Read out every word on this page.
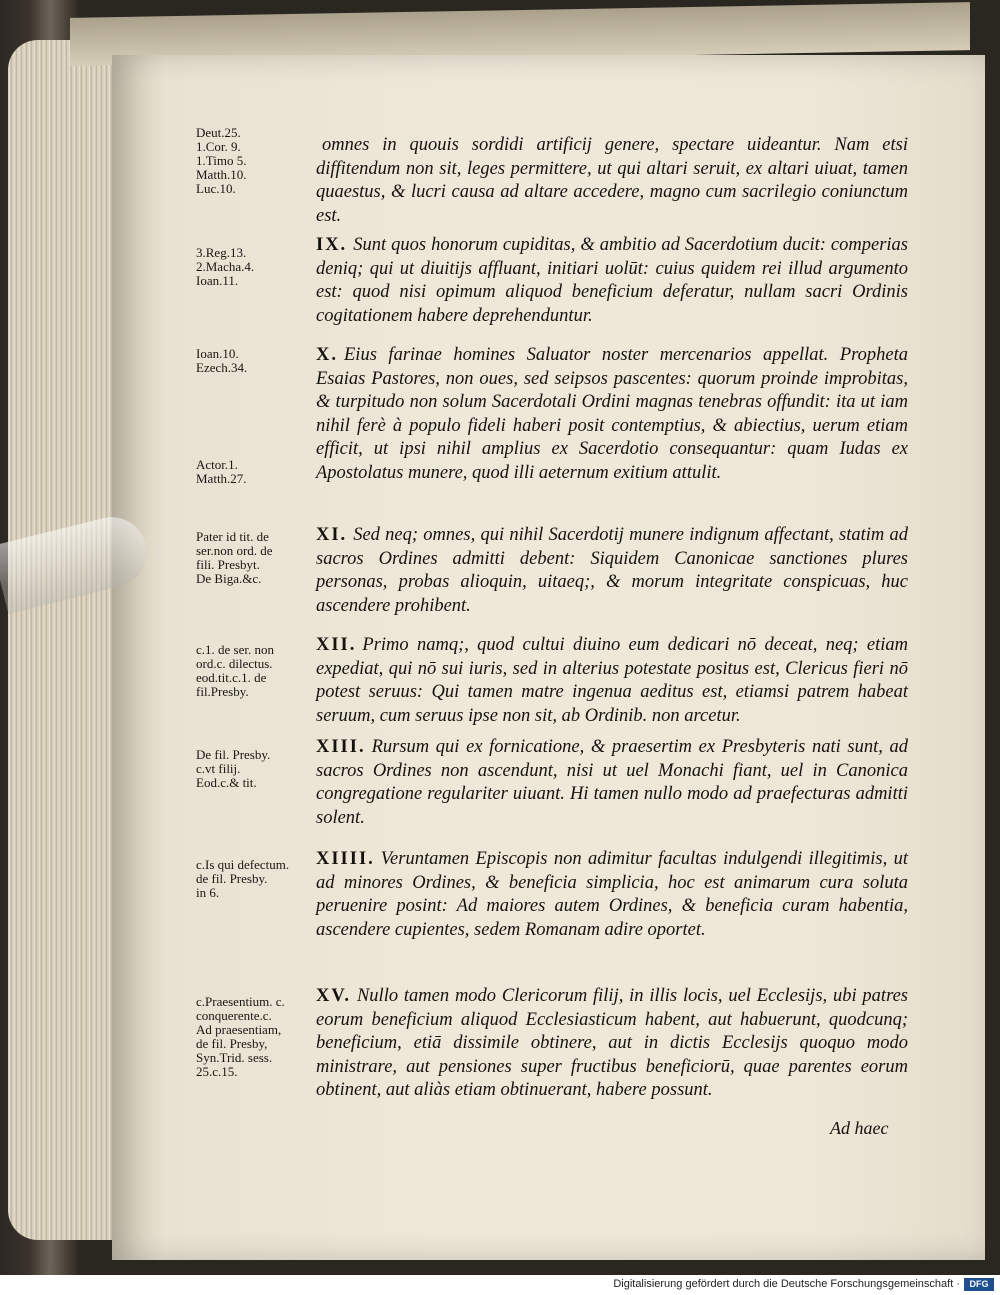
Deut.25.
1.Cor. 9.
1.Timo 5.
Matth.10.
Luc.10.
3.Reg.13.
2.Macha.4.
Ioan.11.
Ioan.10.
Ezech.34.
Actor.1.
Matth.27.
Pater id tit. de
ser.non ord. de
fili. Presbyt.
De Biga.&c.
c.1. de ser. non
ord.c. dilectus.
eod.tit.c.1. de
fil.Presby.
De fil. Presby.
c.vt filij.
Eod.c.& tit.
c.Is qui defectum.
de fil. Presby.
in 6.
c.Praesentium. c.
conquerente.c.
Ad praesentiam,
de fil. Presby,
Syn.Trid. sess.
25.c.15.
omnes in quouis sordidi artificij genere, spectare uideantur. Nam etsi diffitendum non sit, leges permittere, ut qui altari seruit, ex altari uiuat, tamen quaestus, & lucri causa ad altare accedere, magno cum sacrilegio coniunctum est.
IX. Sunt quos honorum cupiditas, & ambitio ad Sacerdotium ducit: comperias deniq; qui ut diuitijs affluant, initiari uolūt: cuius quidem rei illud argumento est: quod nisi opimum aliquod beneficium deferatur, nullam sacri Ordinis cogitationem habere deprehenduntur.
X. Eius farinae homines Saluator noster mercenarios appellat. Propheta Esaias Pastores, non oues, sed seipsos pascentes: quorum proinde improbitas, & turpitudo non solum Sacerdotali Ordini magnas tenebras offundit: ita ut iam nihil ferè à populo fideli haberi posit contemptius, & abiectius, uerum etiam efficit, ut ipsi nihil amplius ex Sacerdotio consequantur: quam Iudas ex Apostolatus munere, quod illi aeternum exitium attulit.
XI. Sed neq; omnes, qui nihil Sacerdotij munere indignum affectant, statim ad sacros Ordines admitti debent: Siquidem Canonicae sanctiones plures personas, probas alioquin, uitaeq;, & morum integritate conspicuas, huc ascendere prohibent.
XII. Primo namq;, quod cultui diuino eum dedicari nō deceat, neq; etiam expediat, qui nō sui iuris, sed in alterius potestate positus est, Clericus fieri nō potest seruus: Qui tamen matre ingenua aeditus est, etiamsi patrem habeat seruum, cum seruus ipse non sit, ab Ordinib. non arcetur.
XIII. Rursum qui ex fornicatione, & praesertim ex Presbyteris nati sunt, ad sacros Ordines non ascendunt, nisi ut uel Monachi fiant, uel in Canonica congregatione regulariter uiuant. Hi tamen nullo modo ad praefecturas admitti solent.
XIIII. Veruntamen Episcopis non adimitur facultas indulgendi illegitimis, ut ad minores Ordines, & beneficia simplicia, hoc est animarum cura soluta peruenire posint: Ad maiores autem Ordines, & beneficia curam habentia, ascendere cupientes, sedem Romanam adire oportet.
XV. Nullo tamen modo Clericorum filij, in illis locis, uel Ecclesijs, ubi patres eorum beneficium aliquod Ecclesiasticum habent, aut habuerunt, quodcunq; beneficium, etiā dissimile obtinere, aut in dictis Ecclesijs quoquo modo ministrare, aut pensiones super fructibus beneficiorū, quae parentes eorum obtinent, aut aliàs etiam obtinuerant, habere possunt.
Ad haec
Digitalisierung gefördert durch die Deutsche Forschungsgemeinschaft ·	DFG
